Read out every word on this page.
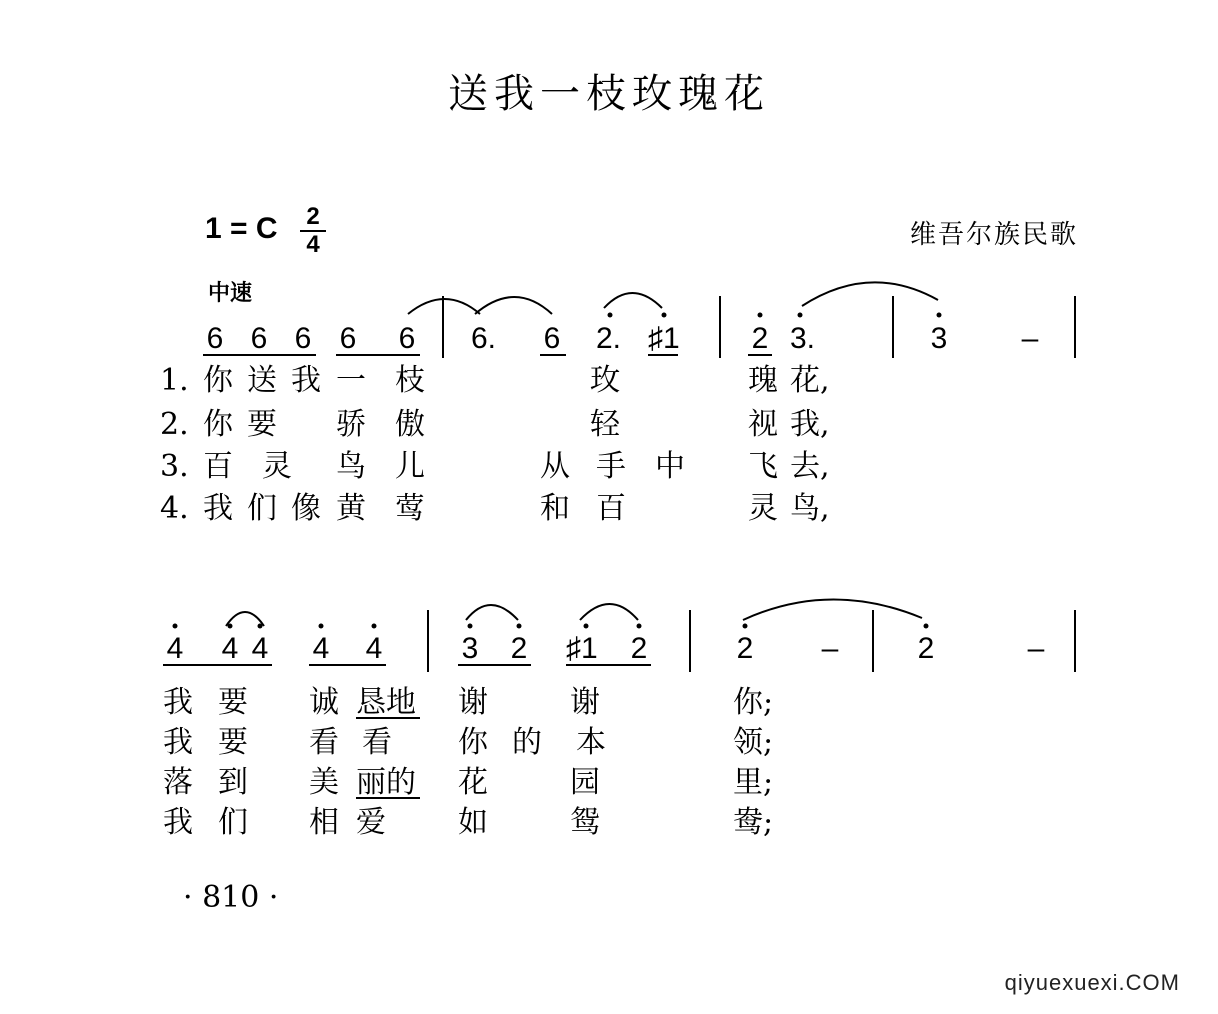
送我一枝玫瑰花
1 = C 2
4	维吾尔族民歌
中速
6 6 6 6 6 6.	6 2. ♯1 2 3.	3 –
4 4 4 4 4	3 2 ♯1 2	2 –	2	–
1. 你 送 我 一 枝	玫	瑰 花,
2. 你 要 骄 傲	轻	视 我,
3. 百 灵 鸟 儿	从 手 中 飞 去,
4. 我 们 像 黄 莺	和 百	灵 鸟,
我 要 诚 恳地 谢	谢	你;
我 要 看 看 你 的 本	领;
落 到 美 丽的 花	园	里;
我 们 相 爱 如	鸳	鸯;
· 810 ·
qiyuexuexi.COM
